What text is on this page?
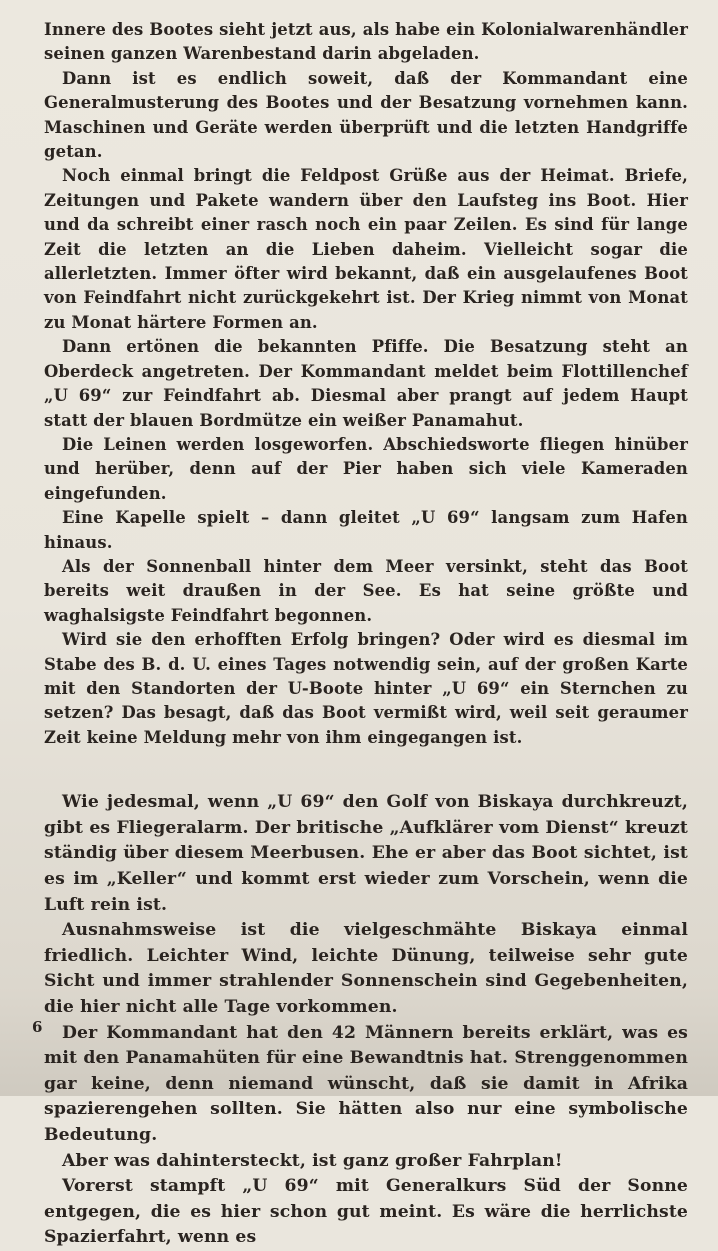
Innere des Bootes sieht jetzt aus, als habe ein Kolonialwarenhändler seinen ganzen Warenbestand darin abgeladen.

Dann ist es endlich soweit, daß der Kommandant eine Generalmusterung des Bootes und der Besatzung vornehmen kann. Maschinen und Geräte werden überprüft und die letzten Handgriffe getan.

Noch einmal bringt die Feldpost Grüße aus der Heimat. Briefe, Zeitungen und Pakete wandern über den Laufsteg ins Boot. Hier und da schreibt einer rasch noch ein paar Zeilen. Es sind für lange Zeit die letzten an die Lieben daheim. Vielleicht sogar die allerletzten. Immer öfter wird bekannt, daß ein ausgelaufenes Boot von Feindfahrt nicht zurückgekehrt ist. Der Krieg nimmt von Monat zu Monat härtere Formen an.

Dann ertönen die bekannten Pfiffe. Die Besatzung steht an Oberdeck angetreten. Der Kommandant meldet beim Flottillenchef „U 69“ zur Feindfahrt ab. Diesmal aber prangt auf jedem Haupt statt der blauen Bordmütze ein weißer Panamahut.

Die Leinen werden losgeworfen. Abschiedsworte fliegen hinüber und herüber, denn auf der Pier haben sich viele Kameraden eingefunden.

Eine Kapelle spielt – dann gleitet „U 69“ langsam zum Hafen hinaus.

Als der Sonnenball hinter dem Meer versinkt, steht das Boot bereits weit draußen in der See. Es hat seine größte und waghalsigste Feindfahrt begonnen.

Wird sie den erhofften Erfolg bringen? Oder wird es diesmal im Stabe des B. d. U. eines Tages notwendig sein, auf der großen Karte mit den Standorten der U-Boote hinter „U 69“ ein Sternchen zu setzen? Das besagt, daß das Boot vermißt wird, weil seit geraumer Zeit keine Meldung mehr von ihm eingegangen ist.

Wie jedesmal, wenn „U 69“ den Golf von Biskaya durchkreuzt, gibt es Fliegeralarm. Der britische „Aufklärer vom Dienst“ kreuzt ständig über diesem Meerbusen. Ehe er aber das Boot sichtet, ist es im „Keller“ und kommt erst wieder zum Vorschein, wenn die Luft rein ist.

Ausnahmsweise ist die vielgeschmähte Biskaya einmal friedlich. Leichter Wind, leichte Dünung, teilweise sehr gute Sicht und immer strahlender Sonnenschein sind Gegebenheiten, die hier nicht alle Tage vorkommen.

Der Kommandant hat den 42 Männern bereits erklärt, was es mit den Panamahüten für eine Bewandtnis hat. Strenggenommen gar keine, denn niemand wünscht, daß sie damit in Afrika spazierengehen sollten. Sie hätten also nur eine symbolische Bedeutung.

Aber was dahintersteckt, ist ganz großer Fahrplan!

Vorerst stampft „U 69“ mit Generalkurs Süd der Sonne entgegen, die es hier schon gut meint. Es wäre die herrlichste Spazierfahrt, wenn es

6
